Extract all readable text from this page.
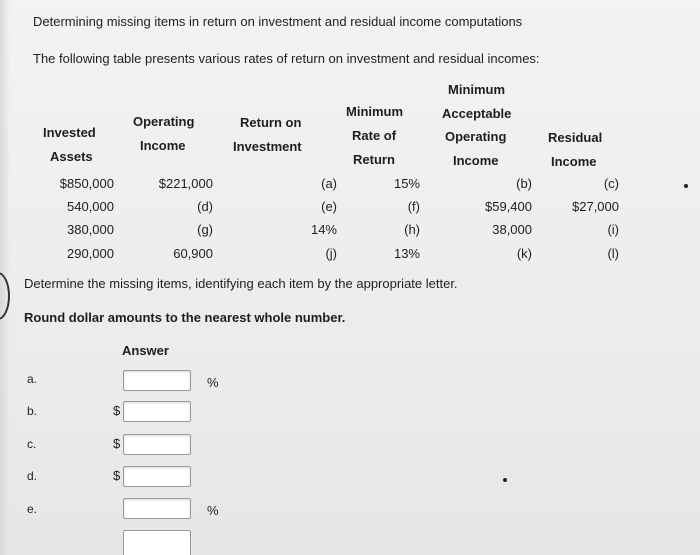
Determining missing items in return on investment and residual income computations
The following table presents various rates of return on investment and residual incomes:
Invested
Assets
Operating
Income
Return on
Investment
Minimum
Rate of
Return
Minimum
Acceptable
Operating
Income
Residual
Income
$850,000	$221,000	(a)	15%	(b)	(c)
540,000	(d)	(e)	(f)	$59,400	$27,000
380,000	(g)	14%	(h)	38,000	(i)
290,000	60,900	(j)	13%	(k)	(l)
Determine the missing items, identifying each item by the appropriate letter.
Round dollar amounts to the nearest whole number.
Answer
a.	%
b.	$
c.	$
d.	$
e.	%
